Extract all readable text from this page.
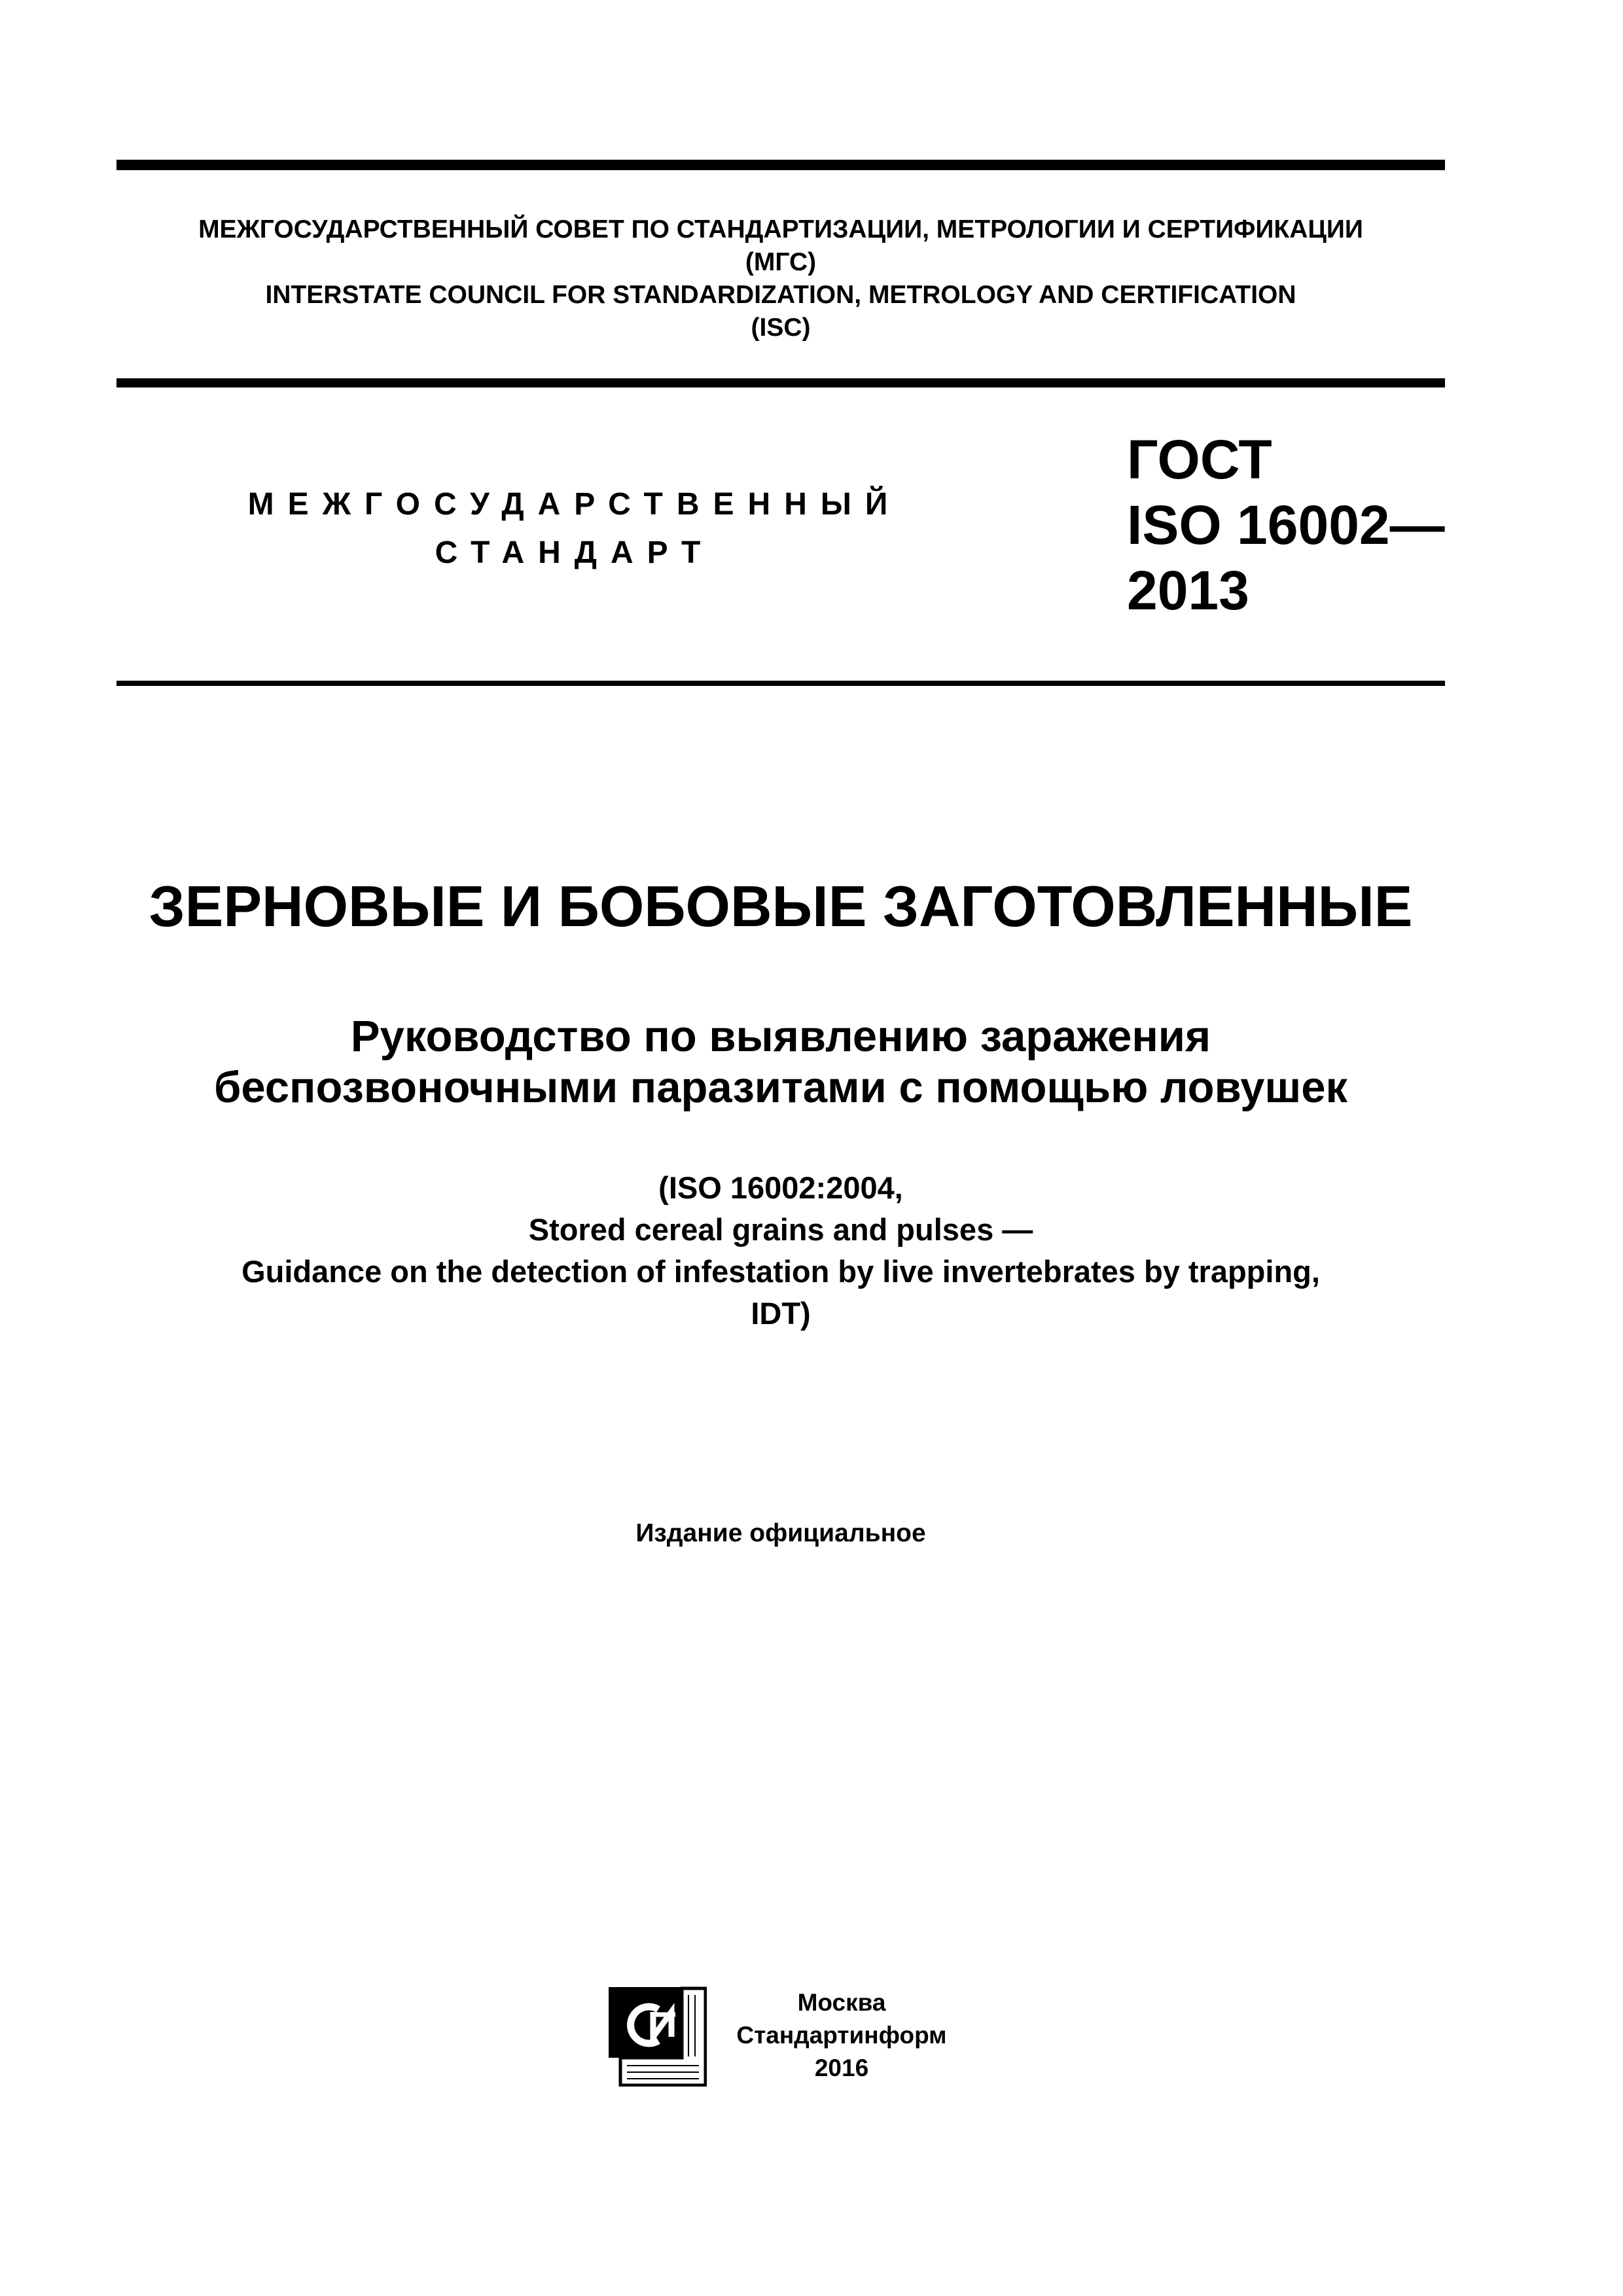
МЕЖГОСУДАРСТВЕННЫЙ СОВЕТ ПО СТАНДАРТИЗАЦИИ, МЕТРОЛОГИИ И СЕРТИФИКАЦИИ
(МГС)
INTERSTATE COUNCIL FOR STANDARDIZATION, METROLOGY AND CERTIFICATION
(ISC)
МЕЖГОСУДАРСТВЕННЫЙ
СТАНДАРТ
ГОСТ
ISO 16002—
2013
ЗЕРНОВЫЕ И БОБОВЫЕ ЗАГОТОВЛЕННЫЕ
Руководство по выявлению заражения
беспозвоночными паразитами с помощью ловушек
(ISO 16002:2004,
Stored cereal grains and pulses —
Guidance on the detection of infestation by live invertebrates by trapping,
IDT)
Издание официальное
Москва
Стандартинформ
2016
